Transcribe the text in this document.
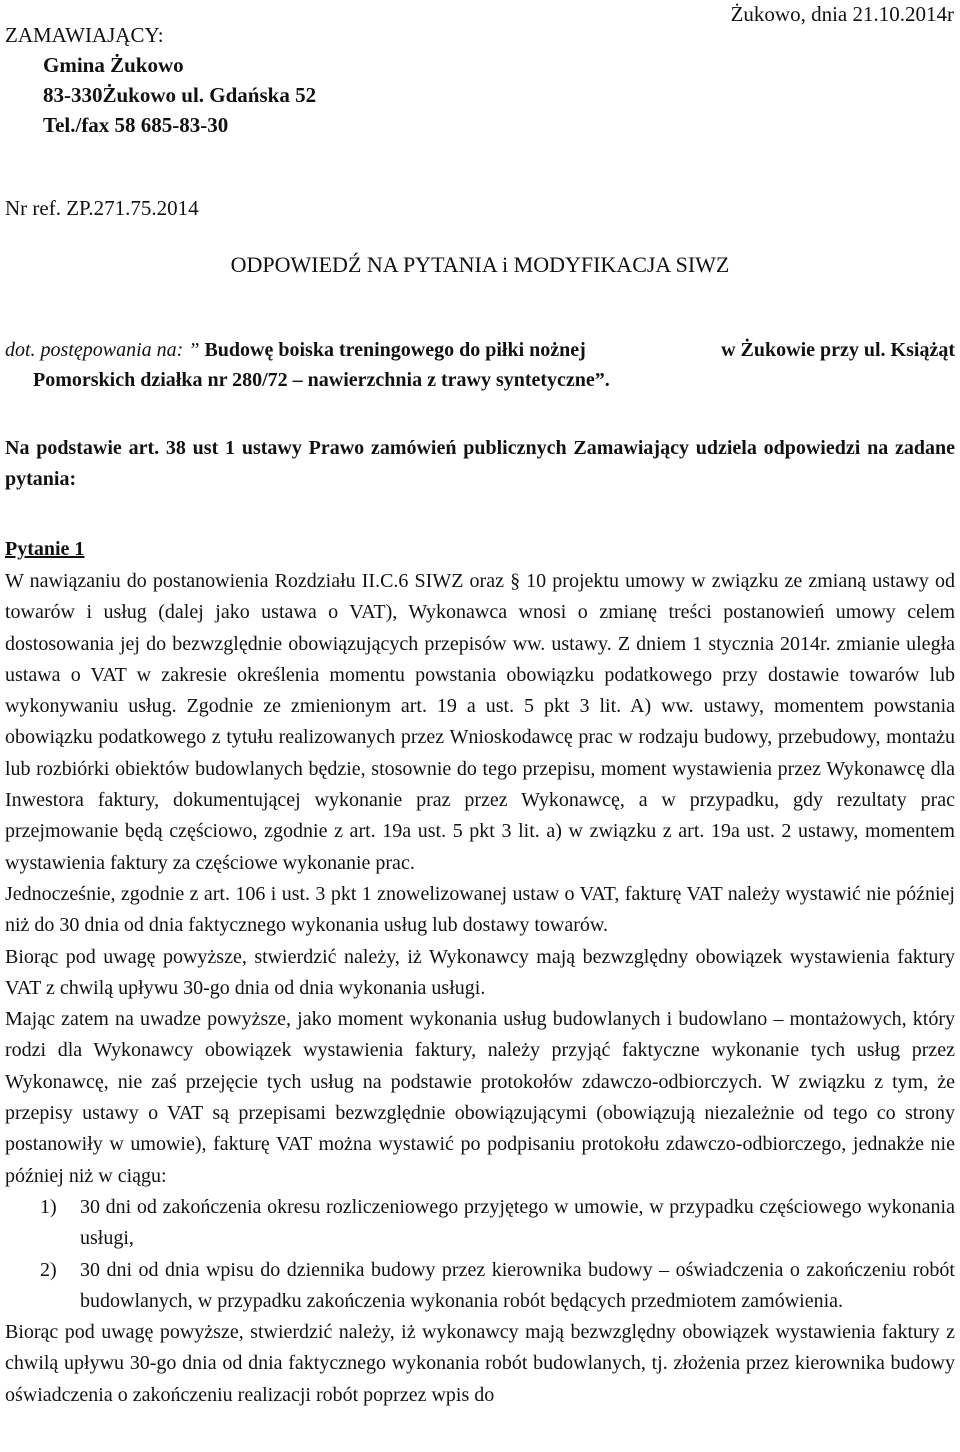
ZAMAWIAJĄCY:
Gmina Żukowo
83-330Żukowo ul. Gdańska 52
Tel./fax 58 685-83-30
Żukowo, dnia 21.10.2014r
Nr ref. ZP.271.75.2014
ODPOWIEDŹ NA PYTANIA i MODYFIKACJA SIWZ
dot. postępowania na: ” Budowę boiska treningowego do piłki nożnej	w Żukowie przy ul. Książąt
Pomorskich działka nr 280/72 – nawierzchnia z trawy syntetyczne”.
Na podstawie art. 38 ust 1 ustawy Prawo zamówień publicznych Zamawiający udziela odpowiedzi na zadane pytania:
Pytanie 1

W nawiązaniu do postanowienia Rozdziału II.C.6 SIWZ oraz § 10 projektu umowy w związku ze zmianą ustawy od towarów i usług (dalej jako ustawa o VAT), Wykonawca wnosi o zmianę treści postanowień umowy celem dostosowania jej do bezwzględnie obowiązujących przepisów ww. ustawy. Z dniem 1 stycznia 2014r. zmianie uległa ustawa o VAT w zakresie określenia momentu powstania obowiązku podatkowego przy dostawie towarów lub wykonywaniu usług. Zgodnie ze zmienionym art. 19 a ust. 5 pkt 3 lit. A) ww. ustawy, momentem powstania obowiązku podatkowego z tytułu realizowanych przez Wnioskodawcę prac w rodzaju budowy, przebudowy, montażu lub rozbiórki obiektów budowlanych będzie, stosownie do tego przepisu, moment wystawienia przez Wykonawcę dla Inwestora faktury, dokumentującej wykonanie praz przez Wykonawcę, a w przypadku, gdy rezultaty prac przejmowanie będą częściowo, zgodnie z art. 19a ust. 5 pkt 3 lit. a) w związku z art. 19a ust. 2 ustawy, momentem wystawienia faktury za częściowe wykonanie prac.

Jednocześnie, zgodnie z art. 106 i ust. 3 pkt 1 znowelizowanej ustaw o VAT, fakturę VAT należy wystawić nie później niż do 30 dnia od dnia faktycznego wykonania usług lub dostawy towarów.

Biorąc pod uwagę powyższe, stwierdzić należy, iż Wykonawcy mają bezwzględny obowiązek wystawienia faktury VAT z chwilą upływu 30-go dnia od dnia wykonania usługi.

Mając zatem na uwadze powyższe, jako moment wykonania usług budowlanych i budowlano – montażowych, który rodzi dla Wykonawcy obowiązek wystawienia faktury, należy przyjąć faktyczne wykonanie tych usług przez Wykonawcę, nie zaś przejęcie tych usług na podstawie protokołów zdawczo-odbiorczych. W związku z tym, że przepisy ustawy o VAT są przepisami bezwzględnie obowiązującymi (obowiązują niezależnie od tego co strony postanowiły w umowie), fakturę VAT można wystawić po podpisaniu protokołu zdawczo-odbiorczego, jednakże nie później niż w ciągu:

1) 30 dni od zakończenia okresu rozliczeniowego przyjętego w umowie, w przypadku częściowego wykonania usługi,
2) 30 dni od dnia wpisu do dziennika budowy przez kierownika budowy – oświadczenia o zakończeniu robót budowlanych, w przypadku zakończenia wykonania robót będących przedmiotem zamówienia.

Biorąc pod uwagę powyższe, stwierdzić należy, iż wykonawcy mają bezwzględny obowiązek wystawienia faktury z chwilą upływu 30-go dnia od dnia faktycznego wykonania robót budowlanych, tj. złożenia przez kierownika budowy oświadczenia o zakończeniu realizacji robót poprzez wpis do
